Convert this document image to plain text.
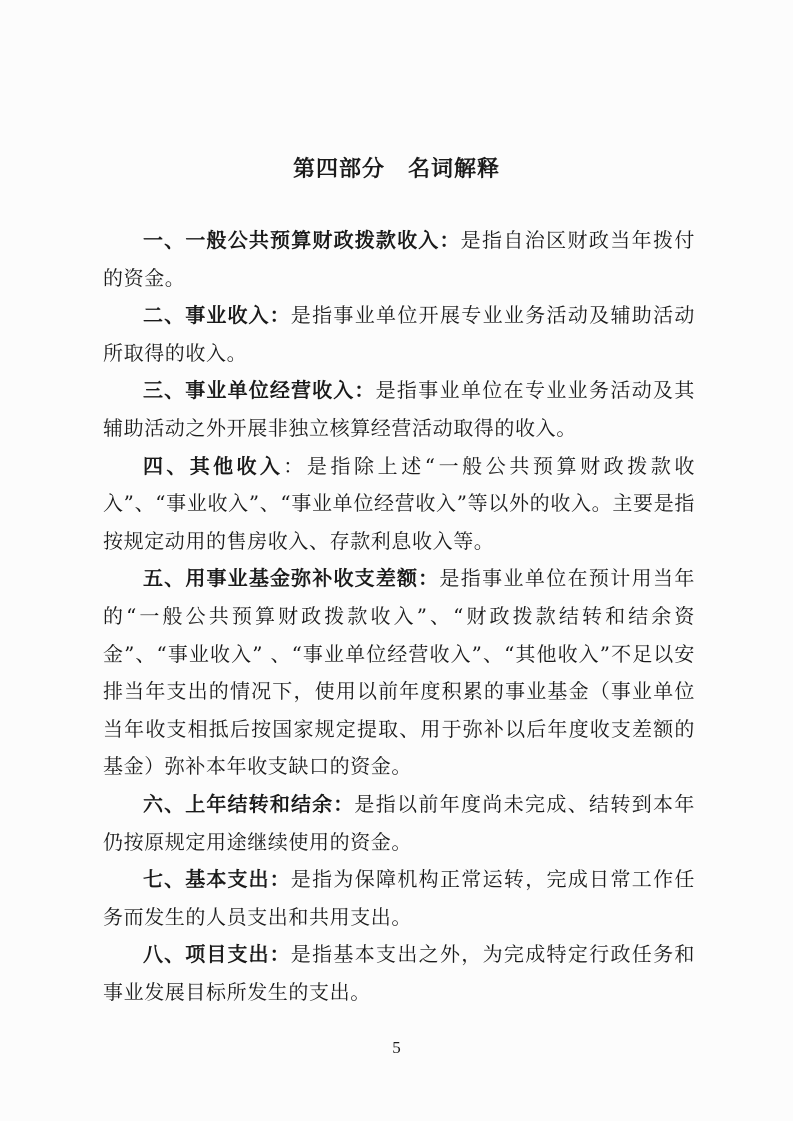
第四部分　名词解释

一、一般公共预算财政拨款收入：是指自治区财政当年拨付的资金。

二、事业收入：是指事业单位开展专业业务活动及辅助活动所取得的收入。

三、事业单位经营收入：是指事业单位在专业业务活动及其辅助活动之外开展非独立核算经营活动取得的收入。

四、其他收入：是指除上述“一般公共预算财政拨款收入”、“事业收入”、“事业单位经营收入”等以外的收入。主要是指按规定动用的售房收入、存款利息收入等。

五、用事业基金弥补收支差额：是指事业单位在预计用当年的“一般公共预算财政拨款收入”、“财政拨款结转和结余资金”、“事业收入” 、“事业单位经营收入”、“其他收入”不足以安排当年支出的情况下，使用以前年度积累的事业基金（事业单位当年收支相抵后按国家规定提取、用于弥补以后年度收支差额的基金）弥补本年收支缺口的资金。

六、上年结转和结余：是指以前年度尚未完成、结转到本年仍按原规定用途继续使用的资金。

七、基本支出：是指为保障机构正常运转，完成日常工作任务而发生的人员支出和共用支出。

八、项目支出：是指基本支出之外，为完成特定行政任务和事业发展目标所发生的支出。

5
